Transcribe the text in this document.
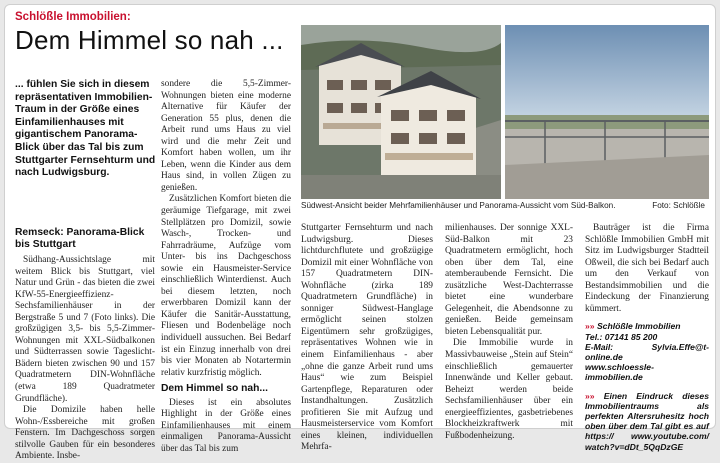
Schlößle Immobilien:
Dem Himmel so nah ...

... fühlen Sie sich in diesem repräsentativen Immobilien-Traum in der Größe eines Einfamilienhauses mit gigantischem Panorama-Blick über das Tal bis zum Stuttgarter Fernsehturm und nach Ludwigsburg.

Remseck: Panorama-Blick bis Stuttgart

Südhang-Aussichtslage mit weitem Blick bis Stuttgart, viel Natur und Grün - das bieten die zwei KfW-55-Energieeffizienz-Sechsfamilienhäuser in der Bergstraße 5 und 7 (Foto links). Die großzügigen 3,5- bis 5,5-Zimmer-Wohnungen mit XXL-Südbalkonen und Südterrassen sowie Tageslicht-Bädern bieten zwischen 90 und 157 Quadratmetern DIN-Wohnfläche (etwa 189 Quadratmeter Grundfläche).

Die Domizile haben helle Wohn-/Essbereiche mit großen Fenstern. Im Dachgeschoss sorgen stilvolle Gauben für ein besonderes Ambiente. Insbe-

sondere die 5,5-Zimmer-Wohnungen bieten eine moderne Alternative für Käufer der Generation 55 plus, denen die Arbeit rund ums Haus zu viel wird und die mehr Zeit und Komfort haben wollen, um ihr Leben, wenn die Kinder aus dem Haus sind, in vollen Zügen zu genießen.

Zusätzlichen Komfort bieten die geräumige Tiefgarage, mit zwei Stellplätzen pro Domizil, sowie Wasch-, Trocken- und Fahrradräume, Aufzüge vom Unter- bis ins Dachgeschoss sowie ein Hausmeister-Service einschließlich Winterdienst. Auch bei diesem letzten, noch erwerbbaren Domizil kann der Käufer die Sanitär-Ausstattung, Fliesen und Bodenbeläge noch individuell aussuchen. Bei Bedarf ist ein Einzug innerhalb von drei bis vier Monaten ab Notartermin relativ kurzfristig möglich.

Dem Himmel so nah...

Dieses ist ein absolutes Highlight in der Größe eines Einfamilienhauses mit einem einmaligen Panorama-Aussicht über das Tal bis zum

Südwest-Ansicht beider Mehrfamilienhäuser und Panorama-Aussicht vom Süd-Balkon.	Foto: Schlößle

Stuttgarter Fernsehturm und nach Ludwigsburg. Dieses lichtdurchflutete und großzügige Domizil mit einer Wohnfläche von 157 Quadratmetern DIN-Wohnfläche (zirka 189 Quadratmetern Grundfläche) in sonniger Südwest-Hanglage ermöglicht seinen stolzen Eigentümern sehr großzügiges, repräsentatives Wohnen wie in einem Einfamilienhaus - aber „ohne die ganze Arbeit rund ums Haus“ wie zum Beispiel Gartenpflege, Reparaturen oder Instandhaltungen. Zusätzlich profitieren Sie mit Aufzug und Hausmeisterservice vom Komfort eines kleinen, individuellen Mehrfa-

milienhauses. Der sonnige XXL-Süd-Balkon mit 23 Quadratmetern ermöglicht, hoch oben über dem Tal, eine atemberaubende Fernsicht. Die zusätzliche West-Dachterrasse bietet eine wunderbare Gelegenheit, die Abendsonne zu genießen. Beide gemeinsam bieten Lebensqualität pur.

Die Immobilie wurde in Massivbauweise „Stein auf Stein“ einschließlich gemauerter Innenwände und Keller gebaut. Beheizt werden beide Sechsfamilienhäuser über ein energieeffizientes, gasbetriebenes Blockheizkraftwerk mit Fußbodenheizung.

Bauträger ist die Firma Schlößle Immobilien GmbH mit Sitz im Ludwigsburger Stadtteil Oßweil, die sich bei Bedarf auch um den Verkauf von Bestandsimmobilien und die Eindeckung der Finanzierung kümmert.

»» Schlößle Immobilien
Tel.: 07141 85 200
E-Mail: Sylvia.Effe@t-online.de
www.schloessle-immobilien.de
»» Einen Eindruck dieses Immobilientraums als perfekten Altersruhesitz hoch oben über dem Tal gibt es auf https:// www.youtube.com/ watch?v=dDt_5QqDzGE
